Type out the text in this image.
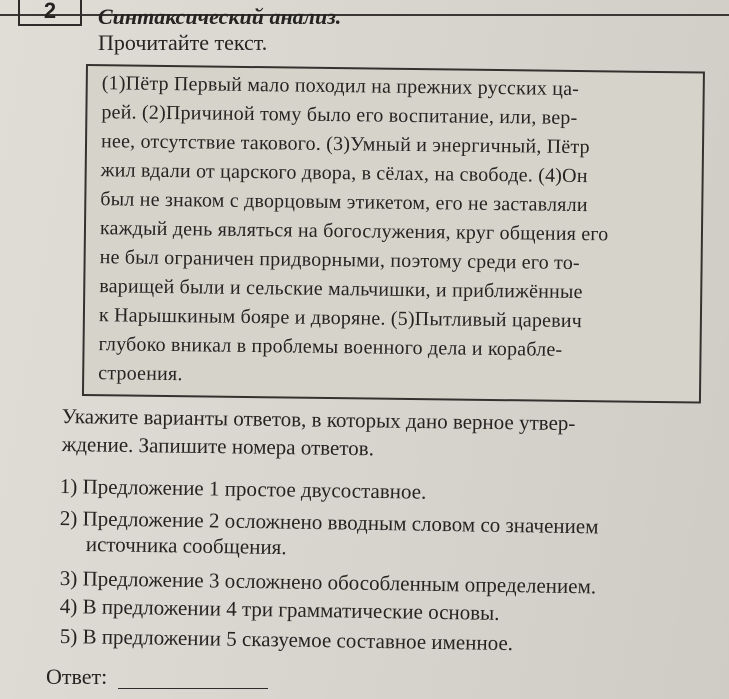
2	Синтаксический анализ.
Прочитайте текст.
(1)Пётр Первый мало походил на прежних русских ца-
рей. (2)Причиной тому было его воспитание, или, вер-
нее, отсутствие такового. (3)Умный и энергичный, Пётр
жил вдали от царского двора, в сёлах, на свободе. (4)Он
был не знаком с дворцовым этикетом, его не заставляли
каждый день являться на богослужения, круг общения его
не был ограничен придворными, поэтому среди его то-
варищей были и сельские мальчишки, и приближённые
к Нарышкиным бояре и дворяне. (5)Пытливый царевич
глубоко вникал в проблемы военного дела и корабле-
строения.
Укажите варианты ответов, в которых дано верное утвер-
ждение. Запишите номера ответов.
1) Предложение 1 простое двусоставное.
2) Предложение 2 осложнено вводным словом со значением
источника сообщения.
3) Предложение 3 осложнено обособленным определением.
4) В предложении 4 три грамматические основы.
5) В предложении 5 сказуемое составное именное.
Ответ:
